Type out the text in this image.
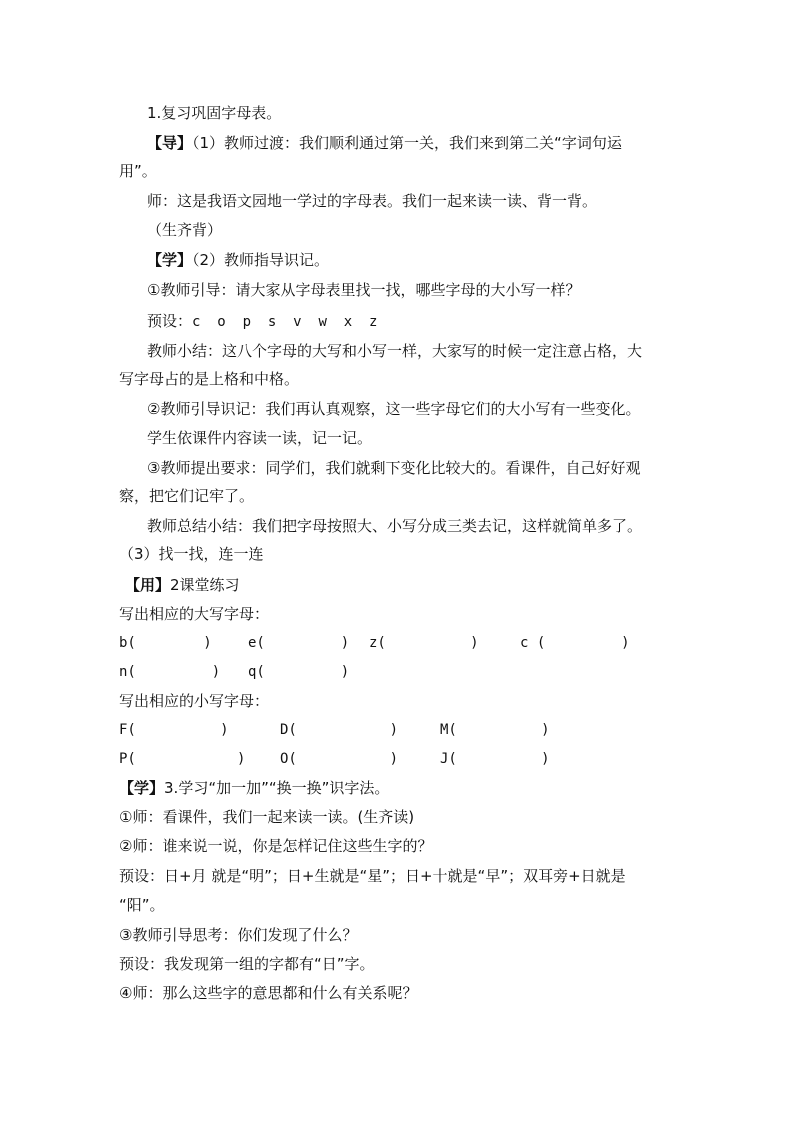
1.复习巩固字母表。

【导】（1）教师过渡：我们顺利通过第一关，我们来到第二关“字词句运

用”。

师：这是我语文园地一学过的字母表。我们一起来读一读、背一背。

（生齐背）

【学】（2）教师指导识记。

①教师引导：请大家从字母表里找一找，哪些字母的大小写一样？

预设：c  o  p  s  v  w  x  z

教师小结：这八个字母的大写和小写一样，大家写的时候一定注意占格，大

写字母占的是上格和中格。

②教师引导识记：我们再认真观察，这一些字母它们的大小写有一些变化。

学生依课件内容读一读，记一记。

③教师提出要求：同学们，我们就剩下变化比较大的。看课件，自己好好观

察，把它们记牢了。

教师总结小结：我们把字母按照大、小写分成三类去记，这样就简单多了。

（3）找一找，连一连

【用】2课堂练习

写出相应的大写字母：

b(        )	e(         ) z(          )	c (         )

n(         ) q(         )

写出相应的小写字母：

F(          )	D(           )	M(          )

P(            ) O(           )	J(          )

【学】3.学习“加一加”“换一换”识字法。

①师：看课件，我们一起来读一读。(生齐读)

②师：谁来说一说，你是怎样记住这些生字的？

预设：日+月 就是“明”；日+生就是“星”；日+十就是“早”；双耳旁+日就是

“阳”。

③教师引导思考：你们发现了什么？

预设：我发现第一组的字都有“日”字。

④师：那么这些字的意思都和什么有关系呢？
